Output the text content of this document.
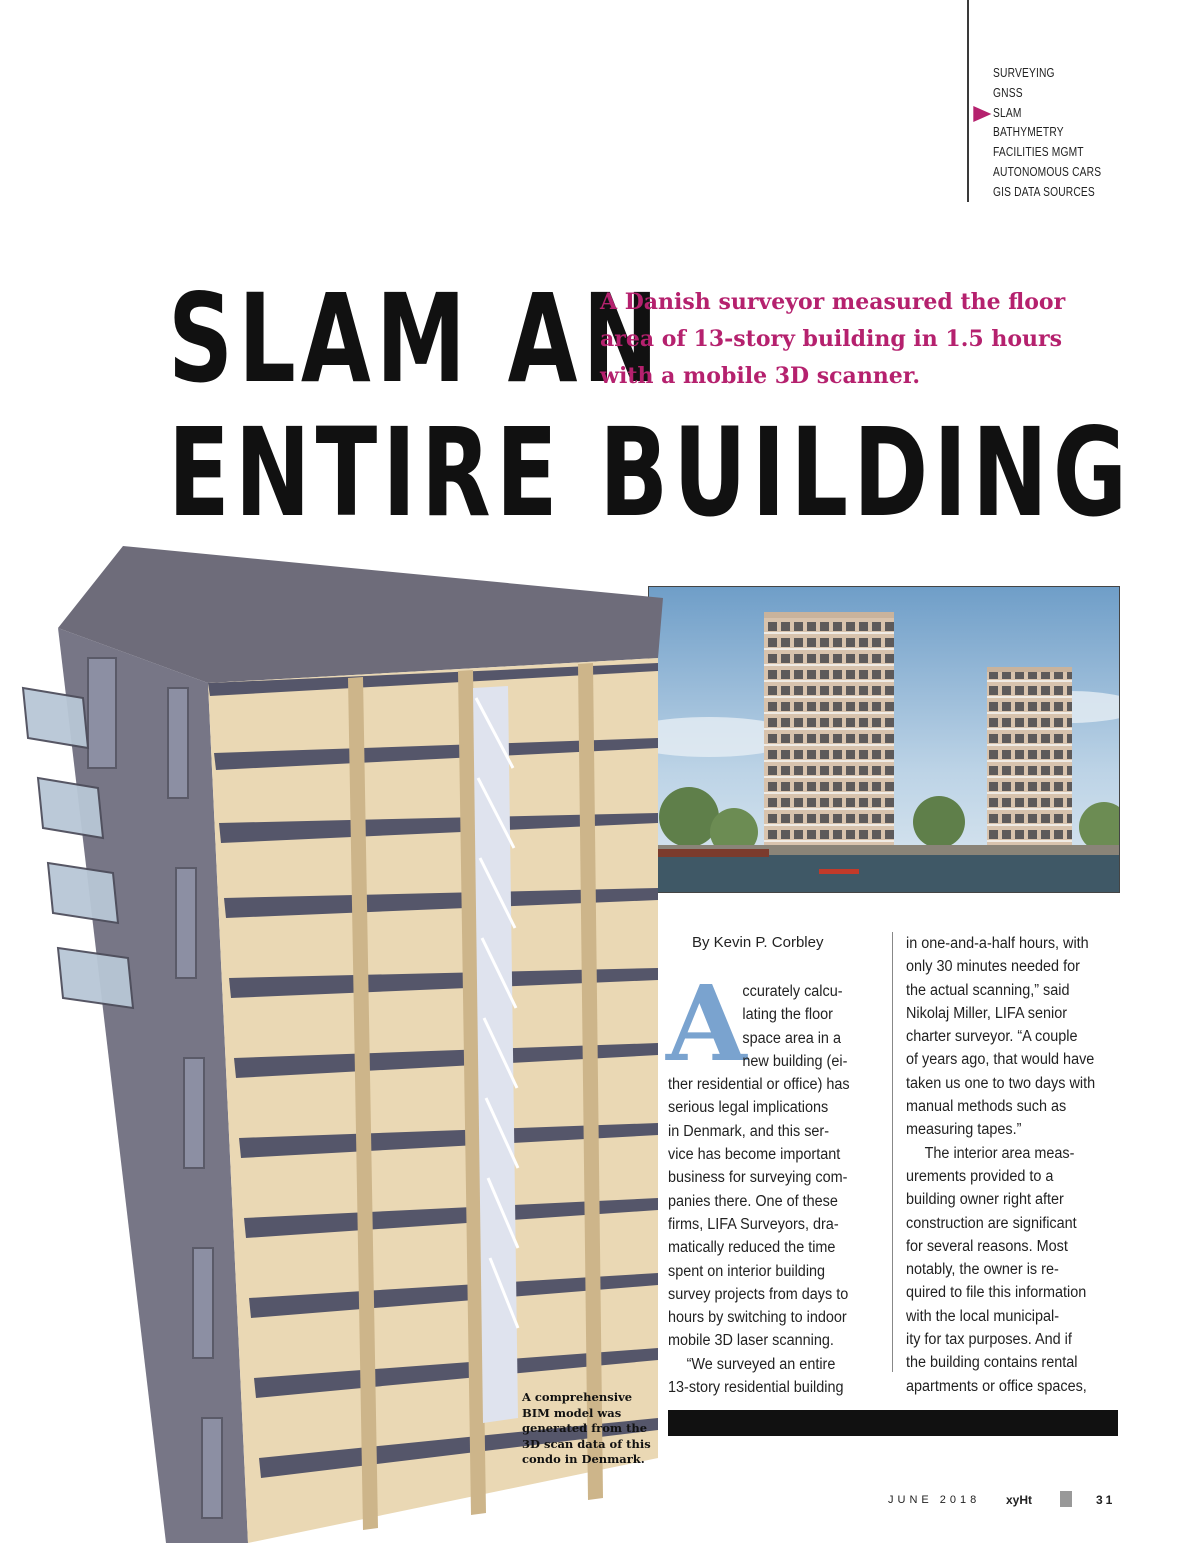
SURVEYING
GNSS
SLAM
BATHYMETRY
FACILITIES MGMT
AUTONOMOUS CARS
GIS DATA SOURCES
SLAM AN
ENTIRE BUILDING
A Danish surveyor measured the floor area of 13-story building in 1.5 hours with a mobile 3D scanner.
A comprehensive BIM model was generated from the 3D scan data of this condo in Denmark.
By Kevin P. Corbley
A
ccurately calcu-
lating the floor
space area in a
new building (ei-
ther residential or office) has
serious legal implications
in Denmark, and this ser-
vice has become important
business for surveying com-
panies there. One of these
firms, LIFA Surveyors, dra-
matically reduced the time
spent on interior building
survey projects from days to
hours by switching to indoor
mobile 3D laser scanning.
“We surveyed an entire
13-story residential building
in one-and-a-half hours, with
only 30 minutes needed for
the actual scanning,” said
Nikolaj Miller, LIFA senior
charter surveyor. “A couple
of years ago, that would have
taken us one to two days with
manual methods such as
measuring tapes.”
The interior area meas-
urements provided to a
building owner right after
construction are significant
for several reasons. Most
notably, the owner is re-
quired to file this information
with the local municipal-
ity for tax purposes. And if
the building contains rental
apartments or office spaces,
JUNE 2018 xyHt	31
